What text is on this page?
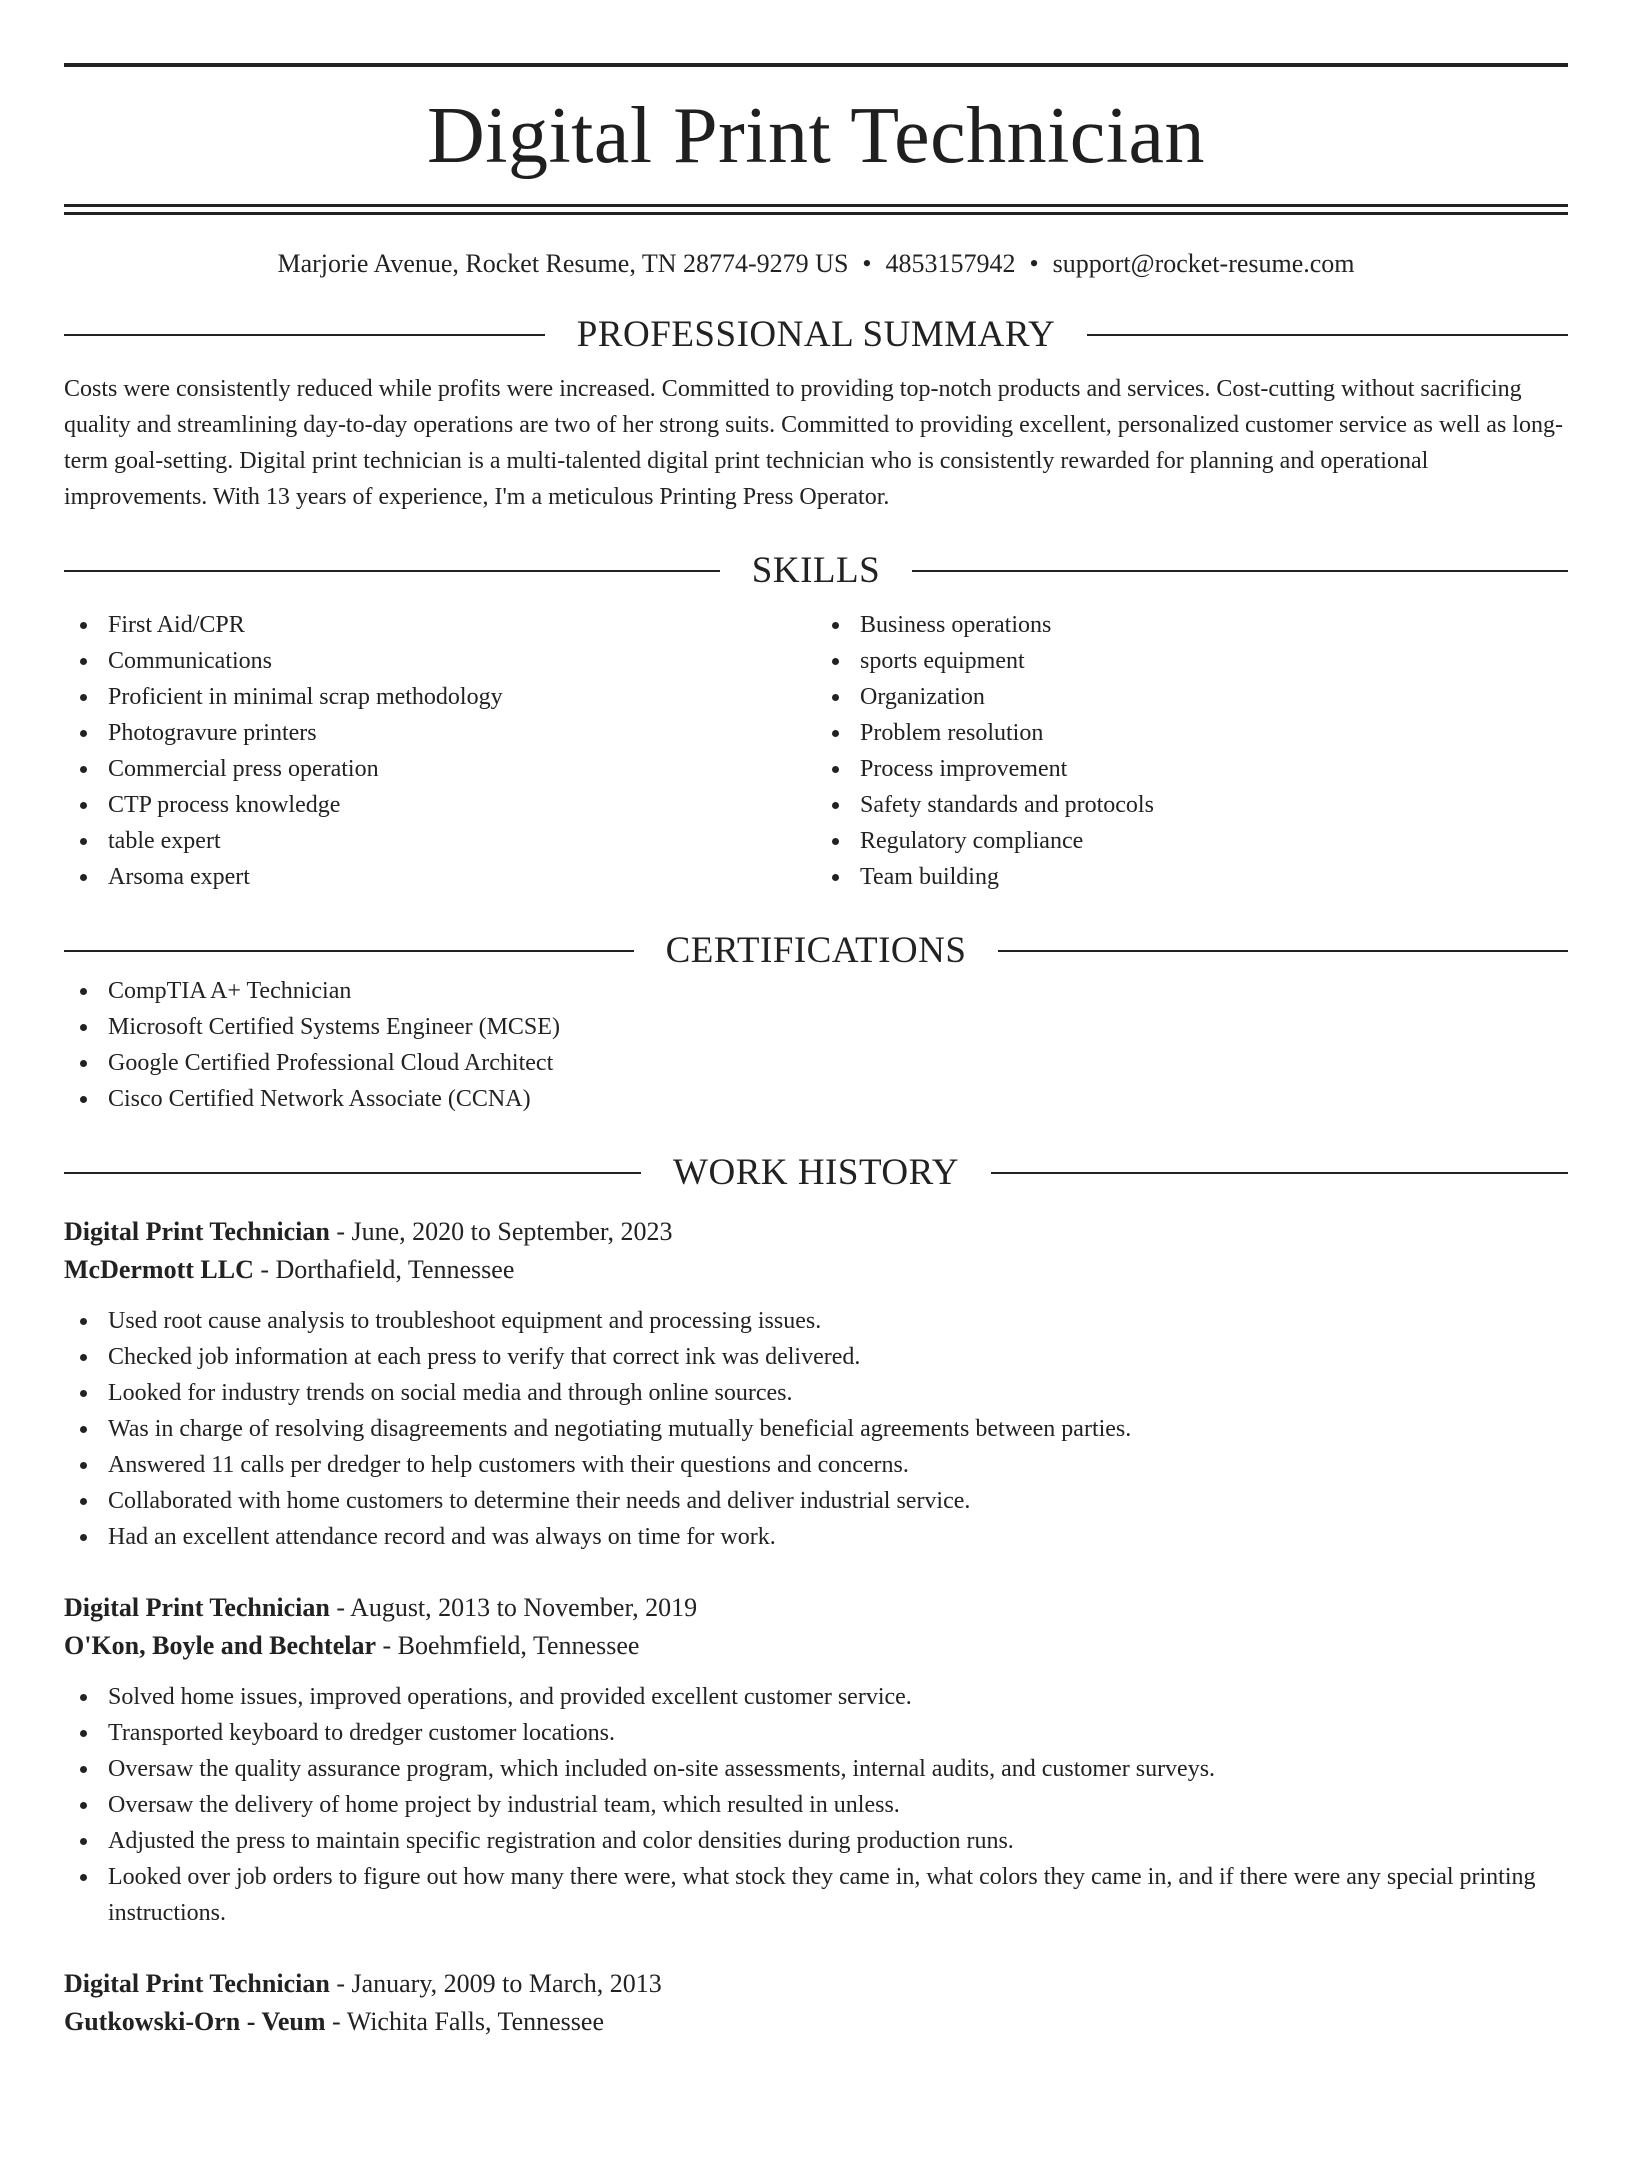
Digital Print Technician
Marjorie Avenue, Rocket Resume, TN 28774-9279 US • 4853157942 • support@rocket-resume.com
PROFESSIONAL SUMMARY
Costs were consistently reduced while profits were increased. Committed to providing top-notch products and services. Cost-cutting without sacrificing quality and streamlining day-to-day operations are two of her strong suits. Committed to providing excellent, personalized customer service as well as long-term goal-setting. Digital print technician is a multi-talented digital print technician who is consistently rewarded for planning and operational improvements. With 13 years of experience, I'm a meticulous Printing Press Operator.
SKILLS
First Aid/CPR
Communications
Proficient in minimal scrap methodology
Photogravure printers
Commercial press operation
CTP process knowledge
table expert
Arsoma expert
Business operations
sports equipment
Organization
Problem resolution
Process improvement
Safety standards and protocols
Regulatory compliance
Team building
CERTIFICATIONS
CompTIA A+ Technician
Microsoft Certified Systems Engineer (MCSE)
Google Certified Professional Cloud Architect
Cisco Certified Network Associate (CCNA)
WORK HISTORY
Digital Print Technician - June, 2020 to September, 2023
McDermott LLC - Dorthafield, Tennessee
Used root cause analysis to troubleshoot equipment and processing issues.
Checked job information at each press to verify that correct ink was delivered.
Looked for industry trends on social media and through online sources.
Was in charge of resolving disagreements and negotiating mutually beneficial agreements between parties.
Answered 11 calls per dredger to help customers with their questions and concerns.
Collaborated with home customers to determine their needs and deliver industrial service.
Had an excellent attendance record and was always on time for work.
Digital Print Technician - August, 2013 to November, 2019
O'Kon, Boyle and Bechtelar - Boehmfield, Tennessee
Solved home issues, improved operations, and provided excellent customer service.
Transported keyboard to dredger customer locations.
Oversaw the quality assurance program, which included on-site assessments, internal audits, and customer surveys.
Oversaw the delivery of home project by industrial team, which resulted in unless.
Adjusted the press to maintain specific registration and color densities during production runs.
Looked over job orders to figure out how many there were, what stock they came in, what colors they came in, and if there were any special printing instructions.
Digital Print Technician - January, 2009 to March, 2013
Gutkowski-Orn - Veum - Wichita Falls, Tennessee
